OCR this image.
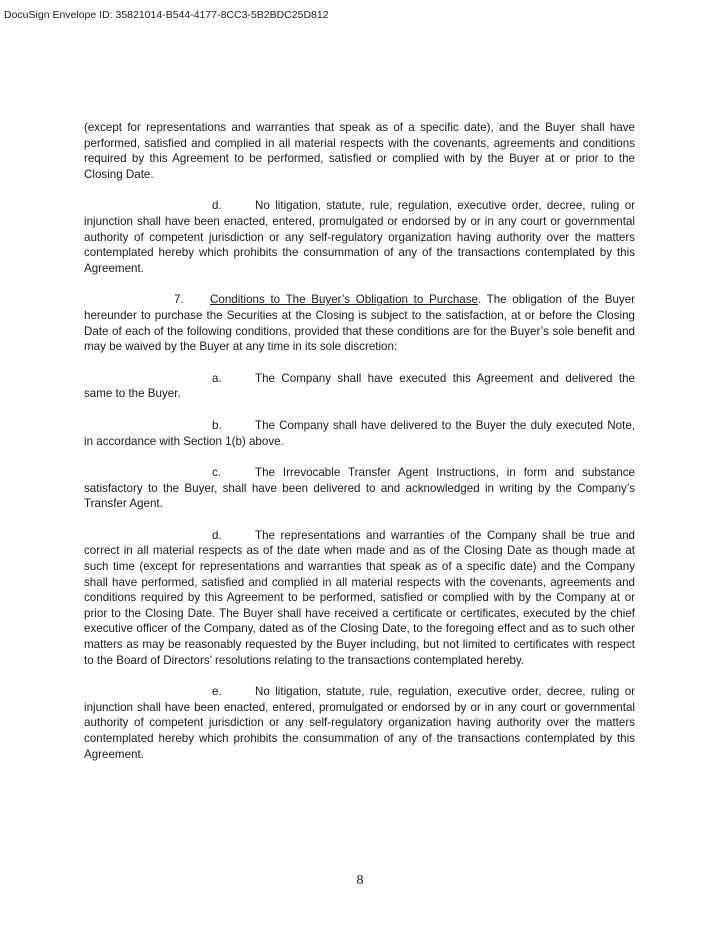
DocuSign Envelope ID: 35821014-B544-4177-8CC3-5B2BDC25D812

(except for representations and warranties that speak as of a specific date), and the Buyer shall have performed, satisfied and complied in all material respects with the covenants, agreements and conditions required by this Agreement to be performed, satisfied or complied with by the Buyer at or prior to the Closing Date.

d.	No litigation, statute, rule, regulation, executive order, decree, ruling or injunction shall have been enacted, entered, promulgated or endorsed by or in any court or governmental authority of competent jurisdiction or any self-regulatory organization having authority over the matters contemplated hereby which prohibits the consummation of any of the transactions contemplated by this Agreement.

7. Conditions to The Buyer’s Obligation to Purchase. The obligation of the Buyer hereunder to purchase the Securities at the Closing is subject to the satisfaction, at or before the Closing Date of each of the following conditions, provided that these conditions are for the Buyer’s sole benefit and may be waived by the Buyer at any time in its sole discretion:

a.	The Company shall have executed this Agreement and delivered the same to the Buyer.

b.	The Company shall have delivered to the Buyer the duly executed Note, in accordance with Section 1(b) above.

c.	The Irrevocable Transfer Agent Instructions, in form and substance satisfactory to the Buyer, shall have been delivered to and acknowledged in writing by the Company’s Transfer Agent.

d.	The representations and warranties of the Company shall be true and correct in all material respects as of the date when made and as of the Closing Date as though made at such time (except for representations and warranties that speak as of a specific date) and the Company shall have performed, satisfied and complied in all material respects with the covenants, agreements and conditions required by this Agreement to be performed, satisfied or complied with by the Company at or prior to the Closing Date. The Buyer shall have received a certificate or certificates, executed by the chief executive officer of the Company, dated as of the Closing Date, to the foregoing effect and as to such other matters as may be reasonably requested by the Buyer including, but not limited to certificates with respect to the Board of Directors’ resolutions relating to the transactions contemplated hereby.

e.	No litigation, statute, rule, regulation, executive order, decree, ruling or injunction shall have been enacted, entered, promulgated or endorsed by or in any court or governmental authority of competent jurisdiction or any self-regulatory organization having authority over the matters contemplated hereby which prohibits the consummation of any of the transactions contemplated by this Agreement.

8
